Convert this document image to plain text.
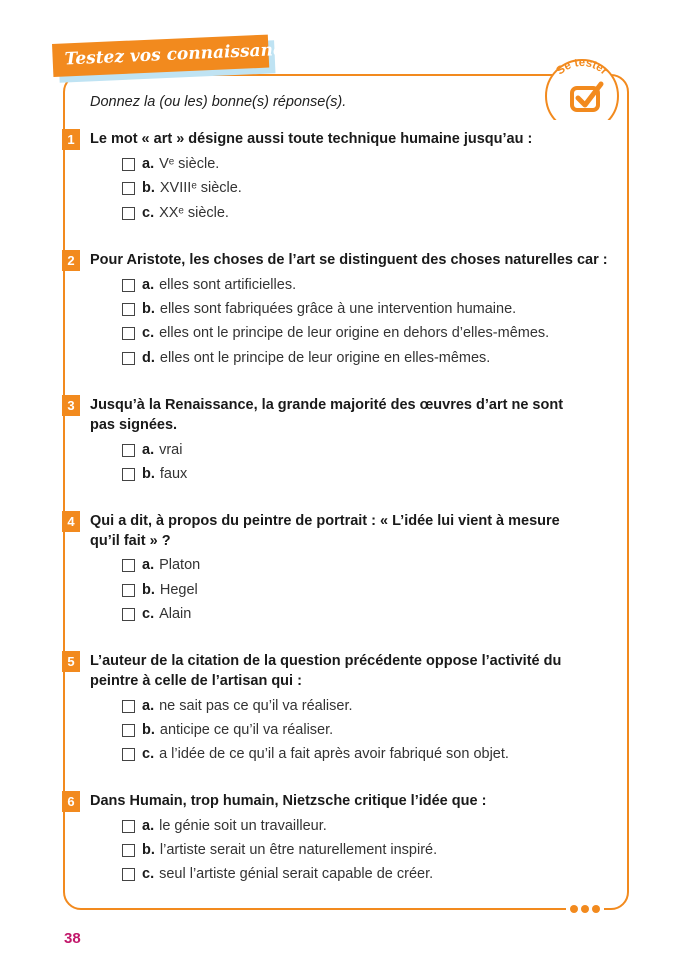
Testez vos connaissances
Se tester
Donnez la (ou les) bonne(s) réponse(s).
1	Le mot « art » désigne aussi toute technique humaine jusqu’au :
a. Vᵉ siècle.
b. XVIIIᵉ siècle.
c. XXᵉ siècle.
2	Pour Aristote, les choses de l’art se distinguent des choses naturelles car :
a. elles sont artificielles.
b. elles sont fabriquées grâce à une intervention humaine.
c. elles ont le principe de leur origine en dehors d’elles-mêmes.
d. elles ont le principe de leur origine en elles-mêmes.
3	Jusqu’à la Renaissance, la grande majorité des œuvres d’art ne sont pas signées.
a. vrai
b. faux
4	Qui a dit, à propos du peintre de portrait : « L’idée lui vient à mesure qu’il fait » ?
a. Platon
b. Hegel
c. Alain
5	L’auteur de la citation de la question précédente oppose l’activité du peintre à celle de l’artisan qui :
a. ne sait pas ce qu’il va réaliser.
b. anticipe ce qu’il va réaliser.
c. a l’idée de ce qu’il a fait après avoir fabriqué son objet.
6	Dans Humain, trop humain, Nietzsche critique l’idée que :
a. le génie soit un travailleur.
b. l’artiste serait un être naturellement inspiré.
c. seul l’artiste génial serait capable de créer.
38
